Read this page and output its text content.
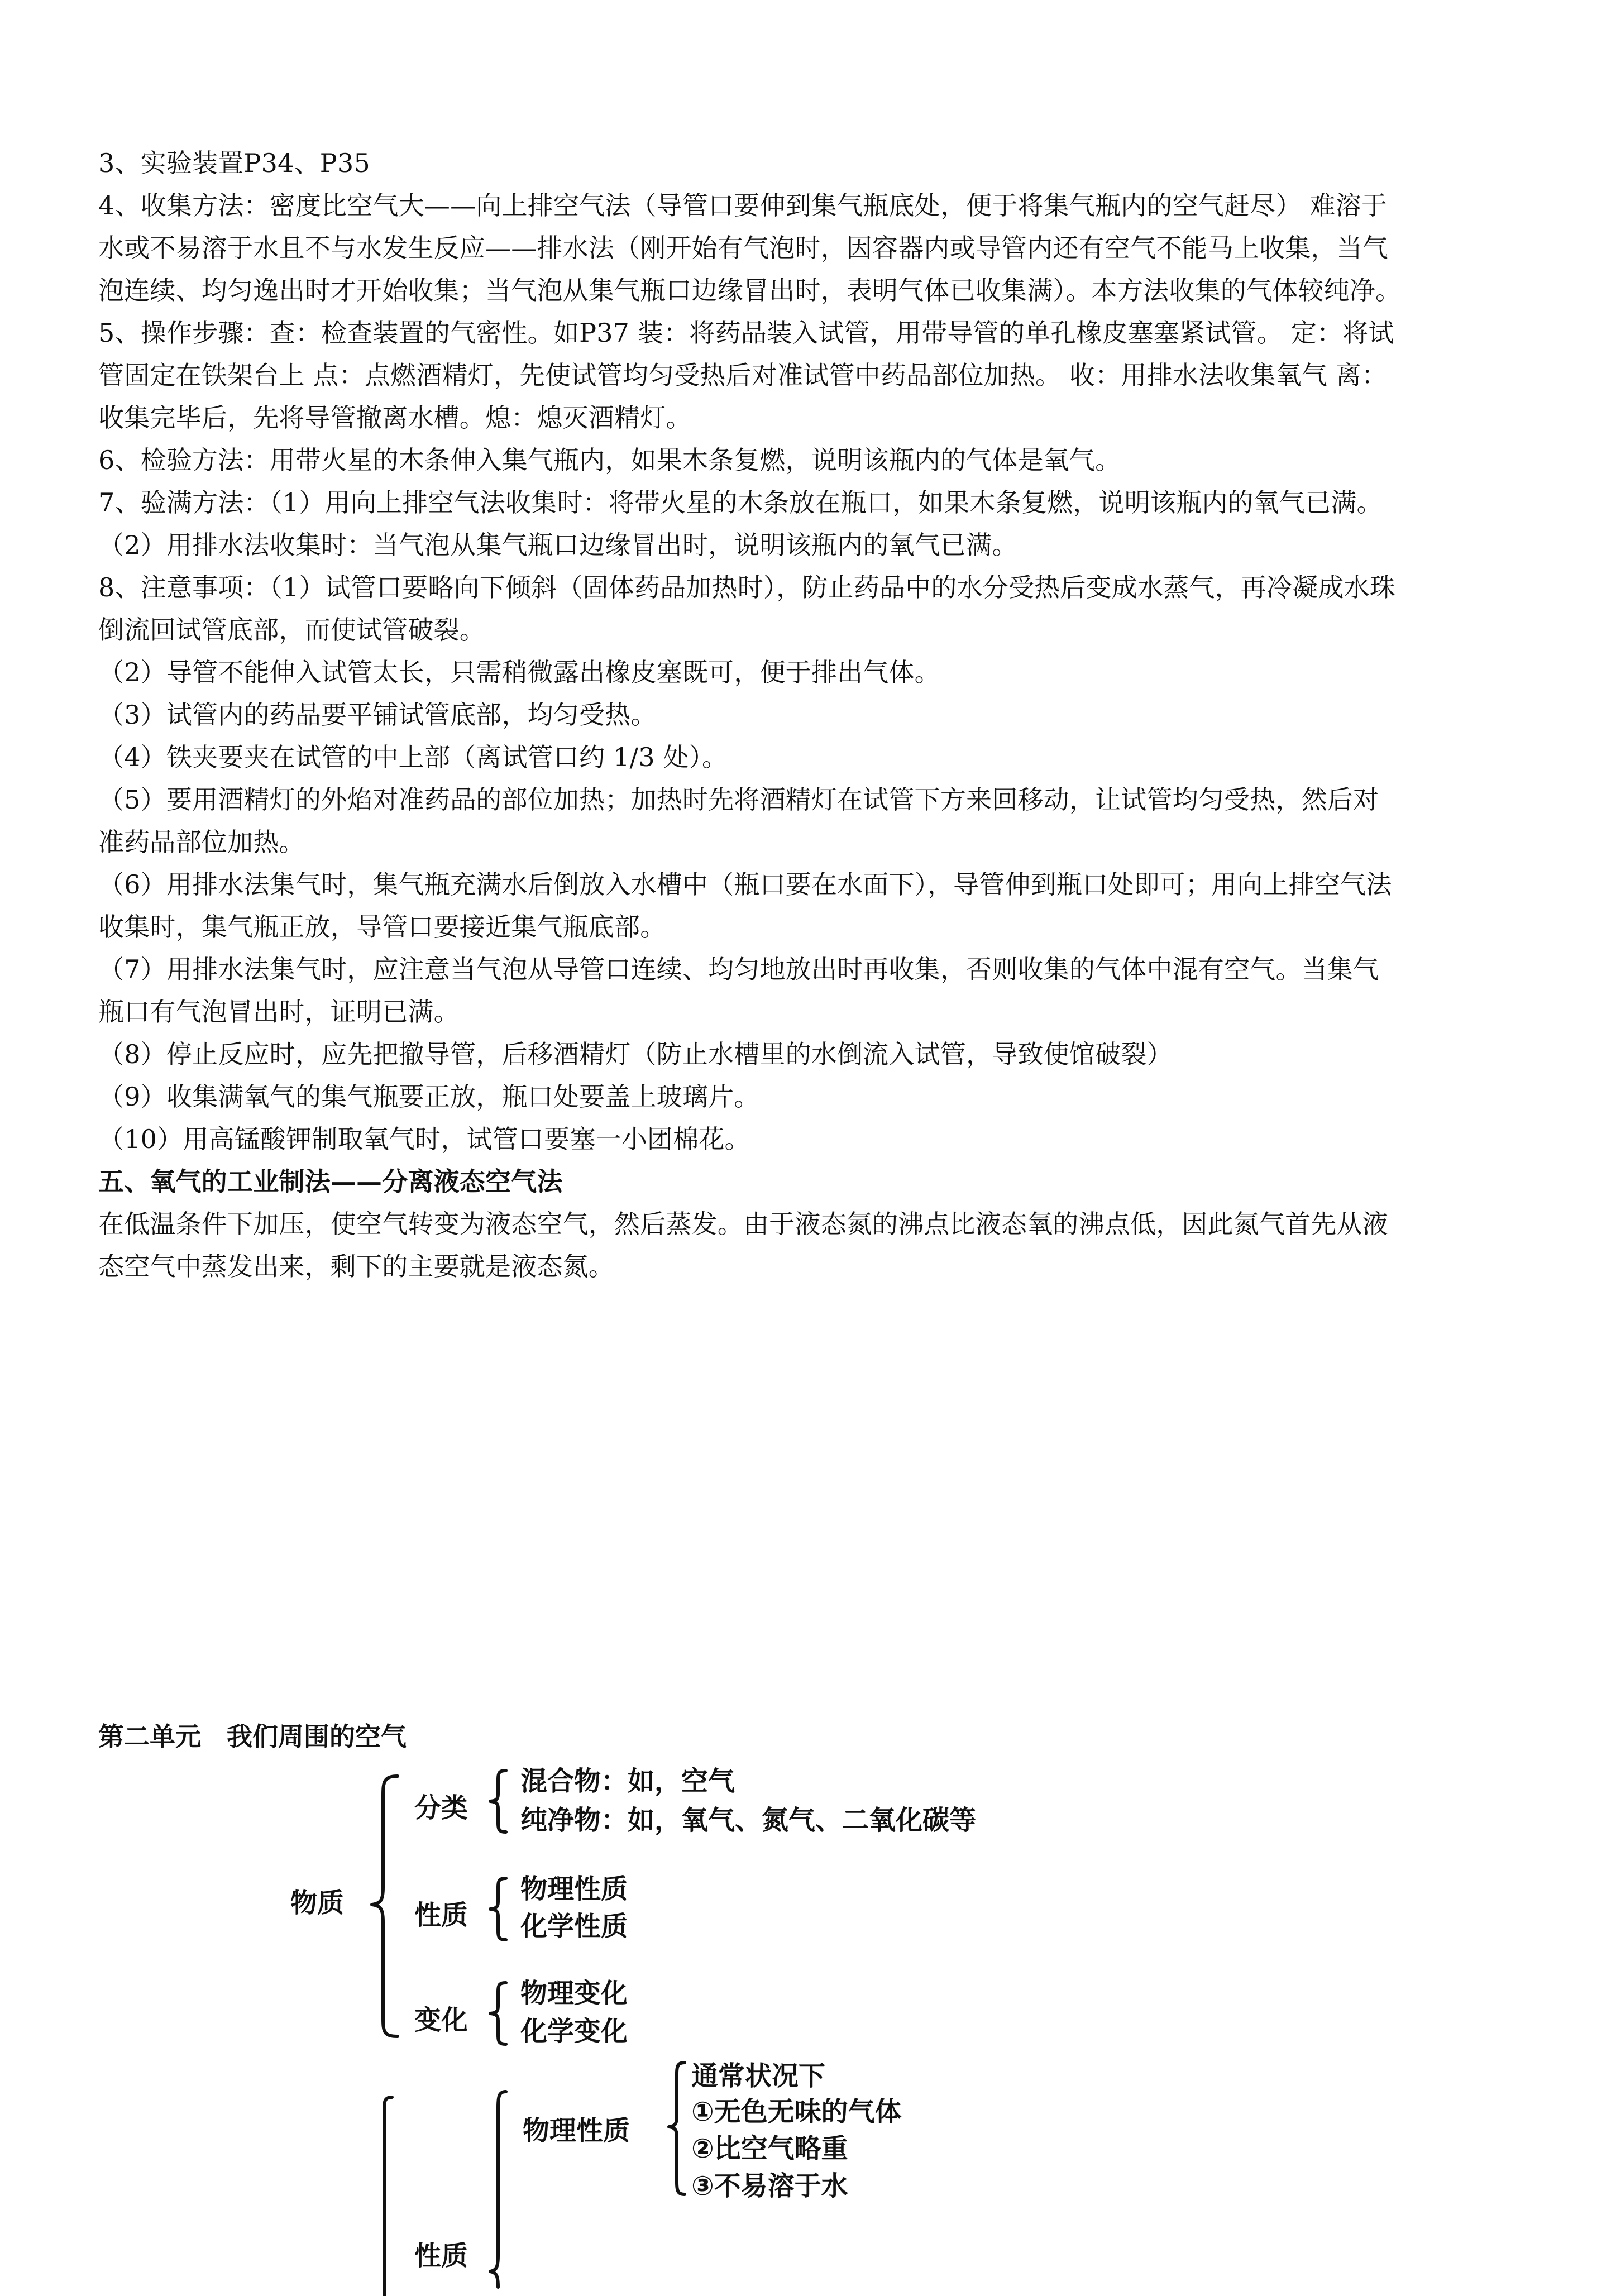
3、实验装置P34、P35
4、收集方法：密度比空气大——向上排空气法（导管口要伸到集气瓶底处，便于将集气瓶内的空气赶尽） 难溶于
水或不易溶于水且不与水发生反应——排水法（刚开始有气泡时，因容器内或导管内还有空气不能马上收集，当气
泡连续、均匀逸出时才开始收集；当气泡从集气瓶口边缘冒出时，表明气体已收集满）。本方法收集的气体较纯净。
5、操作步骤：查：检查装置的气密性。如P37 装：将药品装入试管，用带导管的单孔橡皮塞塞紧试管。 定：将试
管固定在铁架台上 点：点燃酒精灯，先使试管均匀受热后对准试管中药品部位加热。 收：用排水法收集氧气 离：
收集完毕后，先将导管撤离水槽。熄：熄灭酒精灯。
6、检验方法：用带火星的木条伸入集气瓶内，如果木条复燃，说明该瓶内的气体是氧气。
7、验满方法：（1）用向上排空气法收集时：将带火星的木条放在瓶口，如果木条复燃，说明该瓶内的氧气已满。
（2）用排水法收集时：当气泡从集气瓶口边缘冒出时，说明该瓶内的氧气已满。
8、注意事项：（1）试管口要略向下倾斜（固体药品加热时），防止药品中的水分受热后变成水蒸气，再冷凝成水珠
倒流回试管底部，而使试管破裂。
（2）导管不能伸入试管太长，只需稍微露出橡皮塞既可，便于排出气体。
（3）试管内的药品要平铺试管底部，均匀受热。
（4）铁夹要夹在试管的中上部（离试管口约 1/3 处）。
（5）要用酒精灯的外焰对准药品的部位加热；加热时先将酒精灯在试管下方来回移动，让试管均匀受热，然后对
准药品部位加热。
（6）用排水法集气时，集气瓶充满水后倒放入水槽中（瓶口要在水面下），导管伸到瓶口处即可；用向上排空气法
收集时，集气瓶正放，导管口要接近集气瓶底部。
（7）用排水法集气时，应注意当气泡从导管口连续、均匀地放出时再收集，否则收集的气体中混有空气。当集气
瓶口有气泡冒出时，证明已满。
（8）停止反应时，应先把撤导管，后移酒精灯（防止水槽里的水倒流入试管，导致使馆破裂）
（9）收集满氧气的集气瓶要正放，瓶口处要盖上玻璃片。
（10）用高锰酸钾制取氧气时，试管口要塞一小团棉花。
五、氧气的工业制法——分离液态空气法
在低温条件下加压，使空气转变为液态空气，然后蒸发。由于液态氮的沸点比液态氧的沸点低，因此氮气首先从液
态空气中蒸发出来，剩下的主要就是液态氮。
第二单元　我们周围的空气
物质
分类
混合物：如，空气
纯净物：如，氧气、氮气、二氧化碳等
性质
物理性质
化学性质
变化
物理变化
化学变化
性质
物理性质
通常状况下
①无色无味的气体
②比空气略重
③不易溶于水
